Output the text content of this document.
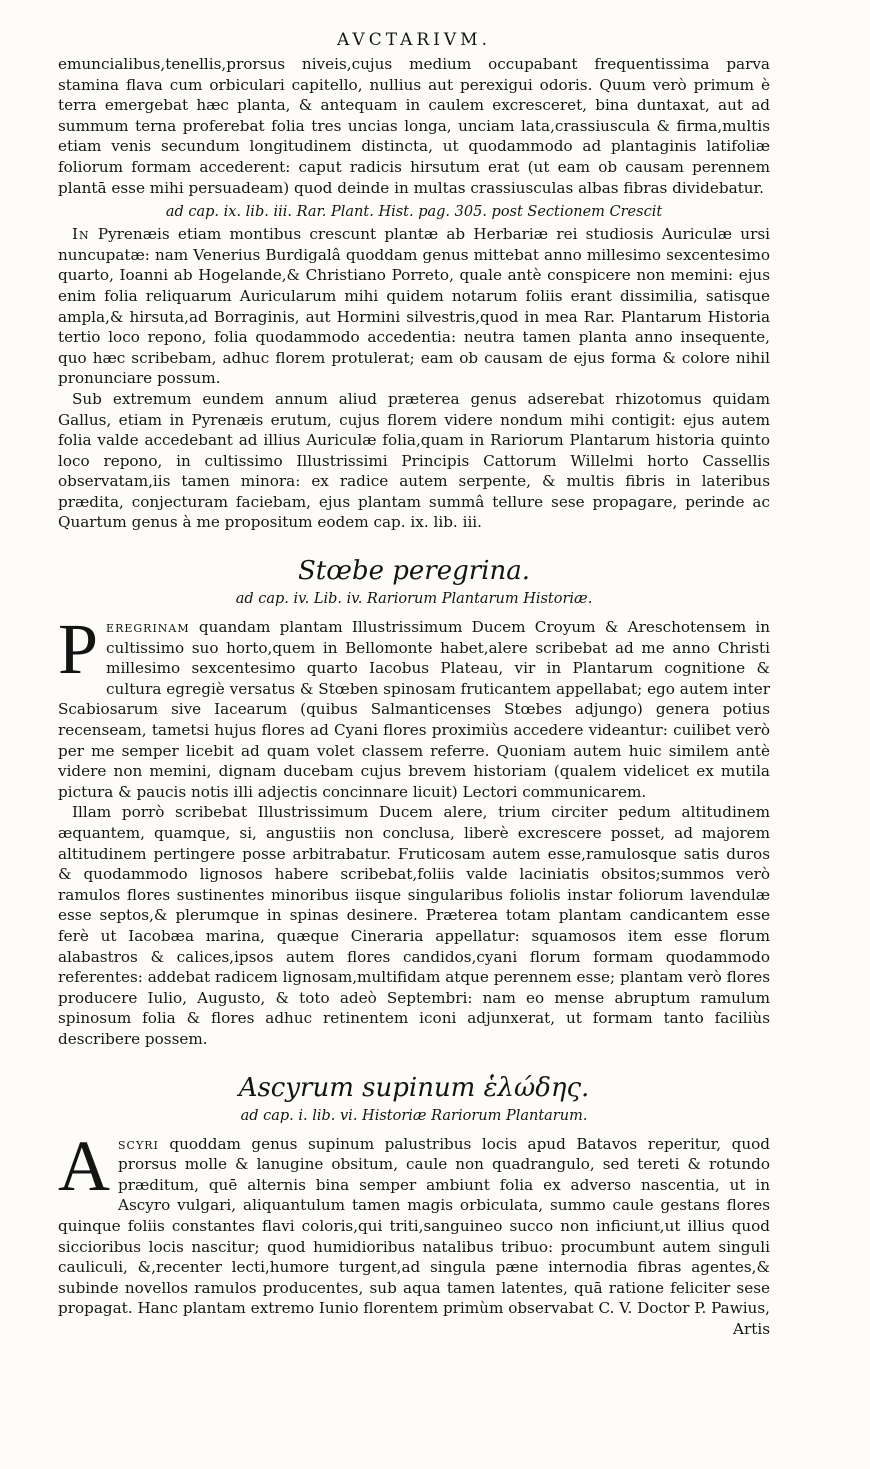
AVCTARIVM.

emuncialibus,tenellis,prorsus niveis,cujus medium occupabant frequentissima parva stamina flava cum orbiculari capitello, nullius aut perexigui odoris. Quum verò primum è terra emergebat hæc planta, & antequam in caulem excresceret, bina duntaxat, aut ad summum terna proferebat folia tres uncias longa, unciam lata,crassiuscula & firma,multis etiam venis secundum longitudinem distincta, ut quodammodo ad plantaginis latifoliæ foliorum formam accederent: caput radicis hirsutum erat (ut eam ob causam perennem plantā esse mihi persuadeam) quod deinde in multas crassiusculas albas fibras dividebatur.

ad cap. ix. lib. iii. Rar. Plant. Hist. pag. 305. post Sectionem Crescit

In Pyrenæis etiam montibus crescunt plantæ ab Herbariæ rei studiosis Auriculæ ursi nuncupatæ: nam Venerius Burdigalâ quoddam genus mittebat anno millesimo sexcentesimo quarto, Ioanni ab Hogelande,& Christiano Porreto, quale antè conspicere non memini: ejus enim folia reliquarum Auricularum mihi quidem notarum foliis erant dissimilia, satisque ampla,& hirsuta,ad Borraginis, aut Hormini silvestris,quod in mea Rar. Plantarum Historia tertio loco repono, folia quodammodo accedentia: neutra tamen planta anno insequente, quo hæc scribebam, adhuc florem protulerat; eam ob causam de ejus forma & colore nihil pronunciare possum.

Sub extremum eundem annum aliud præterea genus adserebat rhizotomus quidam Gallus, etiam in Pyrenæis erutum, cujus florem videre nondum mihi contigit: ejus autem folia valde accedebant ad illius Auriculæ folia,quam in Rariorum Plantarum historia quinto loco repono, in cultissimo Illustrissimi Principis Cattorum Willelmi horto Cassellis observatam,iis tamen minora: ex radice autem serpente, & multis fibris in lateribus prædita, conjecturam faciebam, ejus plantam summâ tellure sese propagare, perinde ac Quartum genus à me propositum eodem cap. ix. lib. iii.

Stœbe peregrina.
ad cap. iv. Lib. iv. Rariorum Plantarum Historiæ.

Peregrinam quandam plantam Illustrissimum Ducem Croyum & Areschotensem in cultissimo suo horto,quem in Bellomonte habet,alere scribebat ad me anno Christi millesimo sexcentesimo quarto Iacobus Plateau, vir in Plantarum cognitione & cultura egregiè versatus & Stœben spinosam fruticantem appellabat; ego autem inter Scabiosarum sive Iacearum (quibus Salmanticenses Stœbes adjungo) genera potius recenseam, tametsi hujus flores ad Cyani flores proximiùs accedere videantur: cuilibet verò per me semper licebit ad quam volet classem referre. Quoniam autem huic similem antè videre non memini, dignam ducebam cujus brevem historiam (qualem videlicet ex mutila pictura & paucis notis illi adjectis concinnare licuit) Lectori communicarem.

Illam porrò scribebat Illustrissimum Ducem alere, trium circiter pedum altitudinem æquantem, quamque, si, angustiis non conclusa, liberè excrescere posset, ad majorem altitudinem pertingere posse arbitrabatur. Fruticosam autem esse,ramulosque satis duros & quodammodo lignosos habere scribebat,foliis valde laciniatis obsitos;summos verò ramulos flores sustinentes minoribus iisque singularibus foliolis instar foliorum lavendulæ esse septos,& plerumque in spinas desinere. Præterea totam plantam candicantem esse ferè ut Iacobæa marina, quæque Cineraria appellatur: squamosos item esse florum alabastros & calices,ipsos autem flores candidos,cyani florum formam quodammodo referentes: addebat radicem lignosam,multifidam atque perennem esse; plantam verò flores producere Iulio, Augusto, & toto adeò Septembri: nam eo mense abruptum ramulum spinosum folia & flores adhuc retinentem iconi adjunxerat, ut formam tanto faciliùs describere possem.

Ascyrum supinum ἑλώδης.
ad cap. i. lib. vi. Historiæ Rariorum Plantarum.

Ascyri quoddam genus supinum palustribus locis apud Batavos reperitur, quod prorsus molle & lanugine obsitum, caule non quadrangulo, sed tereti & rotundo præditum, quē alternis bina semper ambiunt folia ex adverso nascentia, ut in Ascyro vulgari, aliquantulum tamen magis orbiculata, summo caule gestans flores quinque foliis constantes flavi coloris,qui triti,sanguineo succo non inficiunt,ut illius quod siccioribus locis nascitur; quod humidioribus natalibus tribuo: procumbunt autem singuli cauliculi, &,recenter lecti,humore turgent,ad singula pæne internodia fibras agentes,& subinde novellos ramulos producentes, sub aqua tamen latentes, quā ratione feliciter sese propagat. Hanc plantam extremo Iunio florentem primùm observabat C. V. Doctor P. Pawius,

Artis
